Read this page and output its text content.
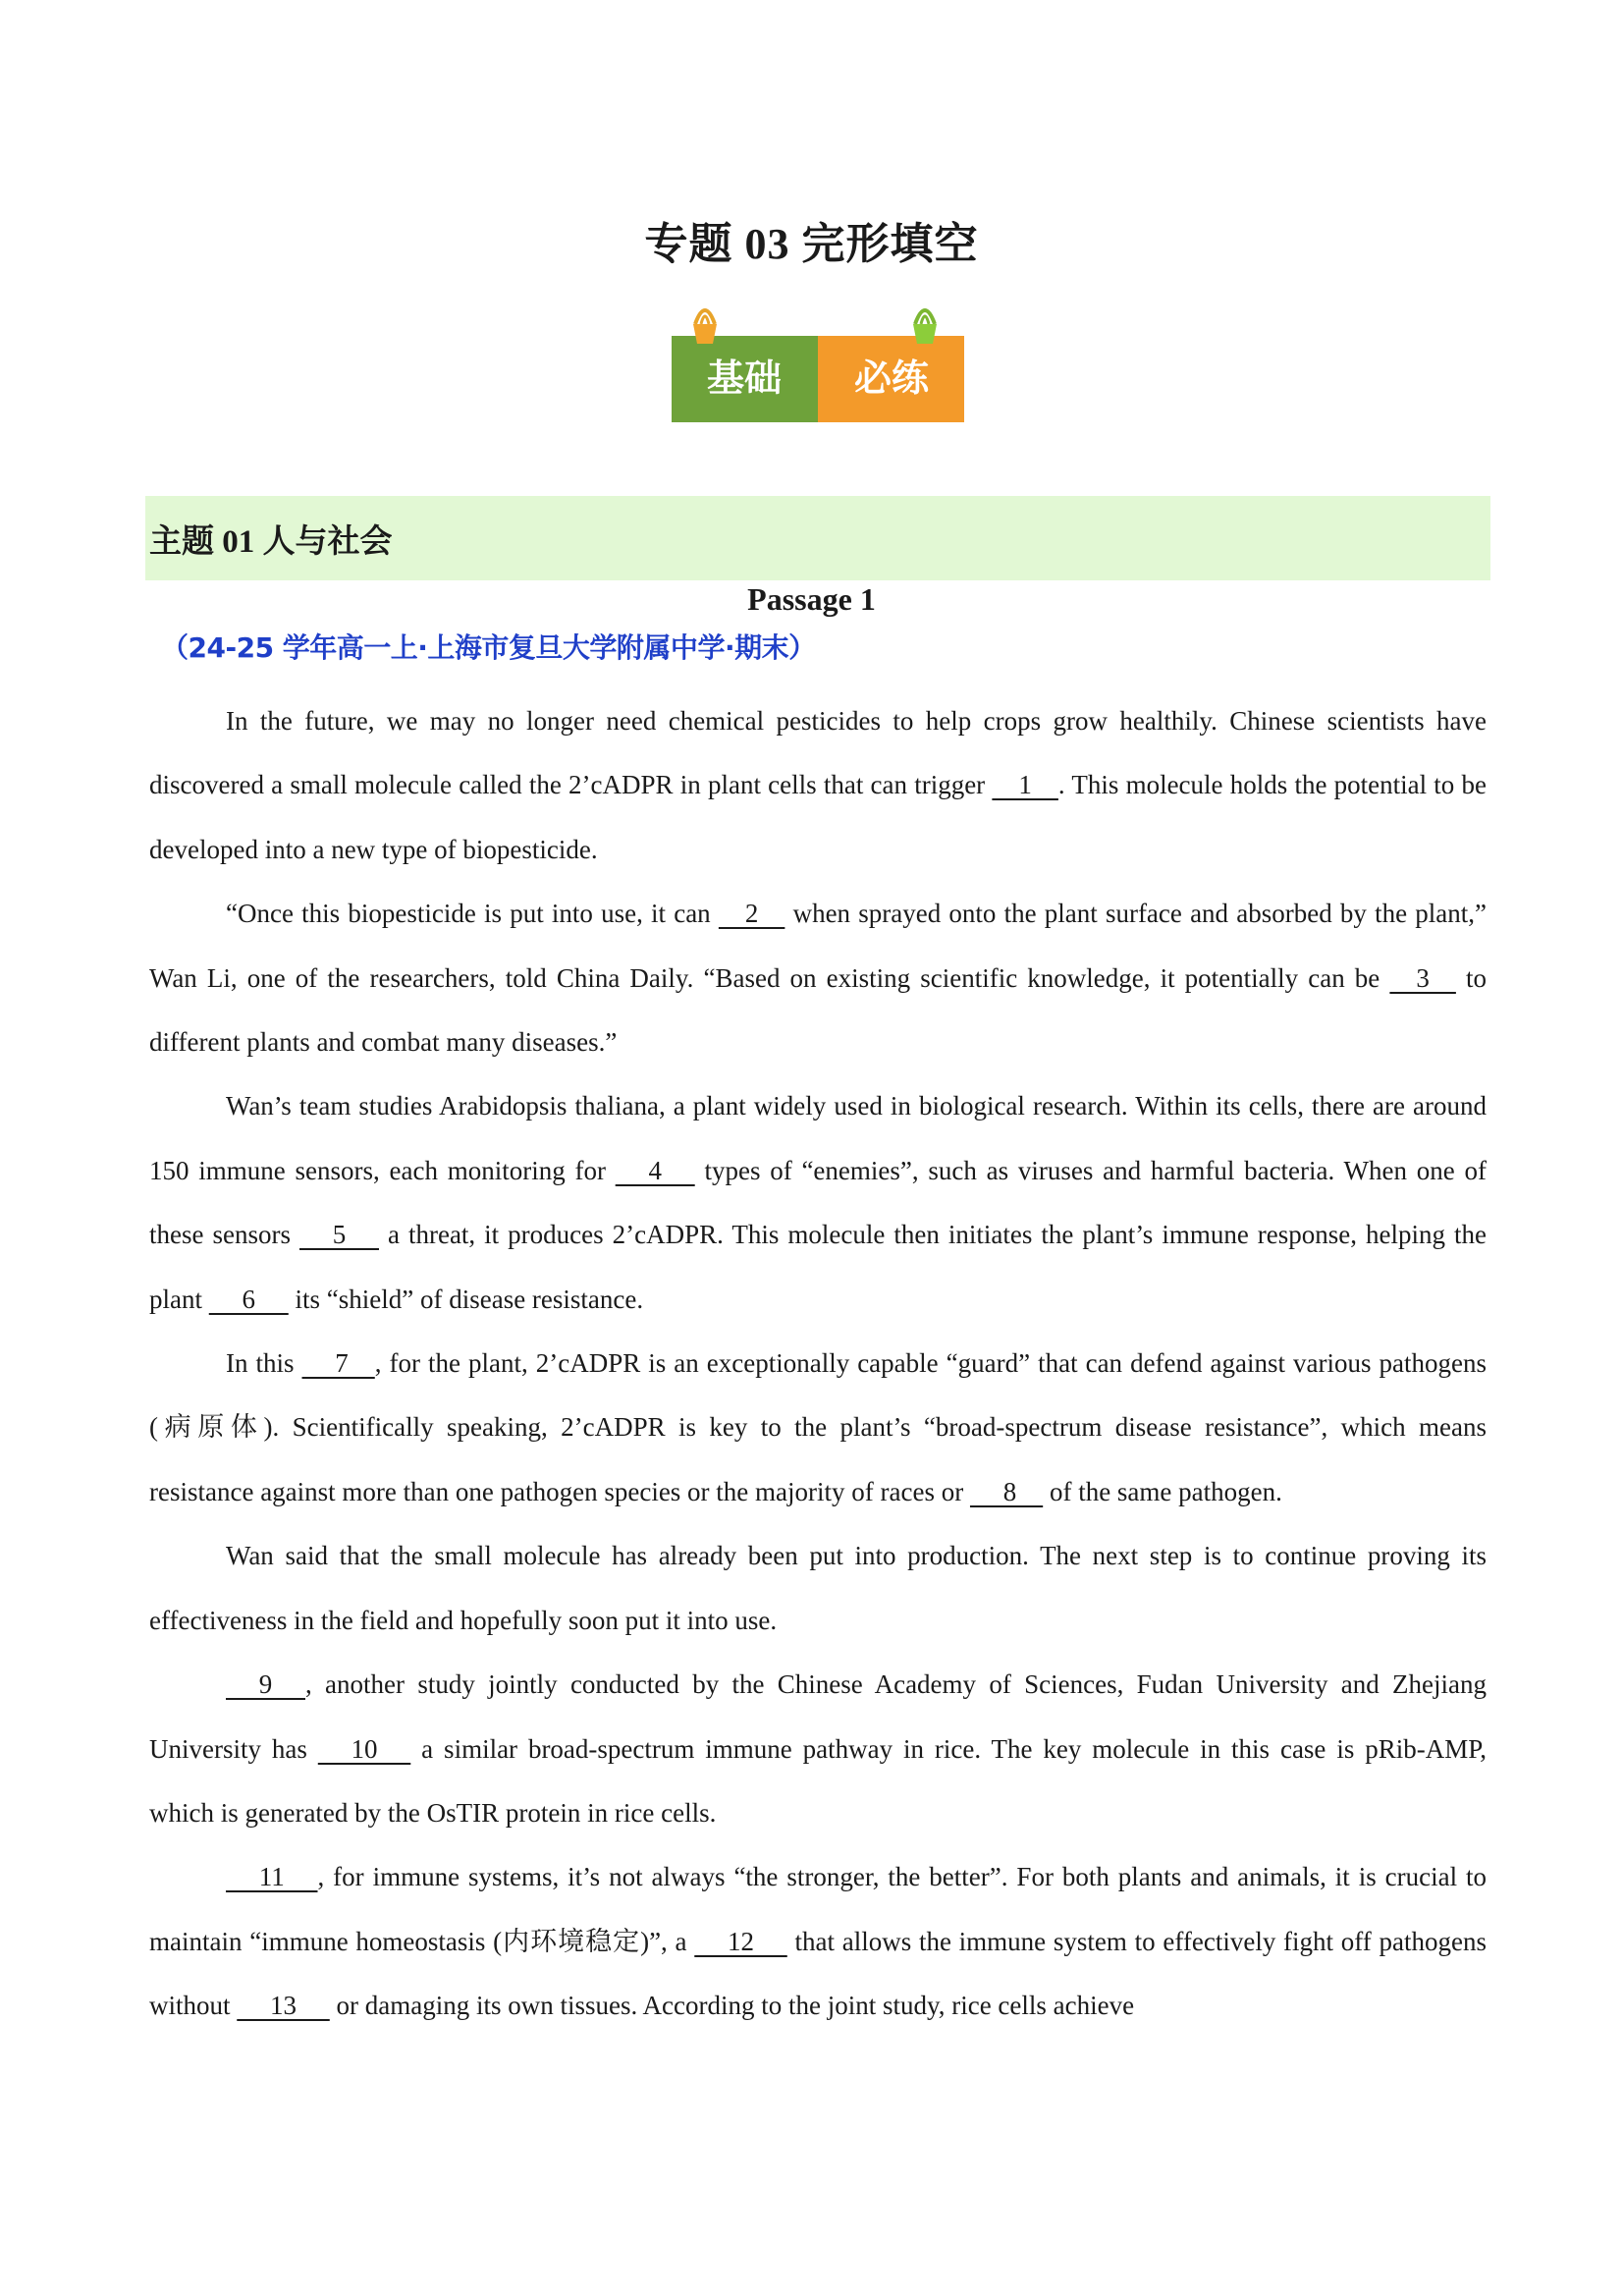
专题 03 完形填空
基础 必练
主题 01 人与社会
Passage 1
（24-25 学年高一上·上海市复旦大学附属中学·期末）

In the future, we may no longer need chemical pesticides to help crops grow healthily. Chinese scientists have discovered a small molecule called the 2’cADPR in plant cells that can trigger     1    . This molecule holds the potential to be developed into a new type of biopesticide.

“Once this biopesticide is put into use, it can     2     when sprayed onto the plant surface and absorbed by the plant,” Wan Li, one of the researchers, told China Daily. “Based on existing scientific knowledge, it potentially can be     3     to different plants and combat many diseases.”

Wan’s team studies Arabidopsis thaliana, a plant widely used in biological research. Within its cells, there are around 150 immune sensors, each monitoring for      4      types of “enemies”, such as viruses and harmful bacteria. When one of these sensors      5      a threat, it produces 2’cADPR. This molecule then initiates the plant’s immune response, helping the plant      6      its “shield” of disease resistance.

In this      7    , for the plant, 2’cADPR is an exceptionally capable “guard” that can defend against various pathogens (病原体). Scientifically speaking, 2’cADPR is key to the plant’s “broad-spectrum disease resistance”, which means resistance against more than one pathogen species or the majority of races or      8     of the same pathogen.

Wan said that the small molecule has already been put into production. The next step is to continue proving its effectiveness in the field and hopefully soon put it into use.

9     , another study jointly conducted by the Chinese Academy of Sciences, Fudan University and Zhejiang University has      10      a similar broad-spectrum immune pathway in rice. The key molecule in this case is pRib-AMP, which is generated by the OsTIR protein in rice cells.

11     , for immune systems, it’s not always “the stronger, the better”. For both plants and animals, it is crucial to maintain “immune homeostasis (内环境稳定)”, a      12      that allows the immune system to effectively fight off pathogens without      13      or damaging its own tissues. According to the joint study, rice cells achieve
